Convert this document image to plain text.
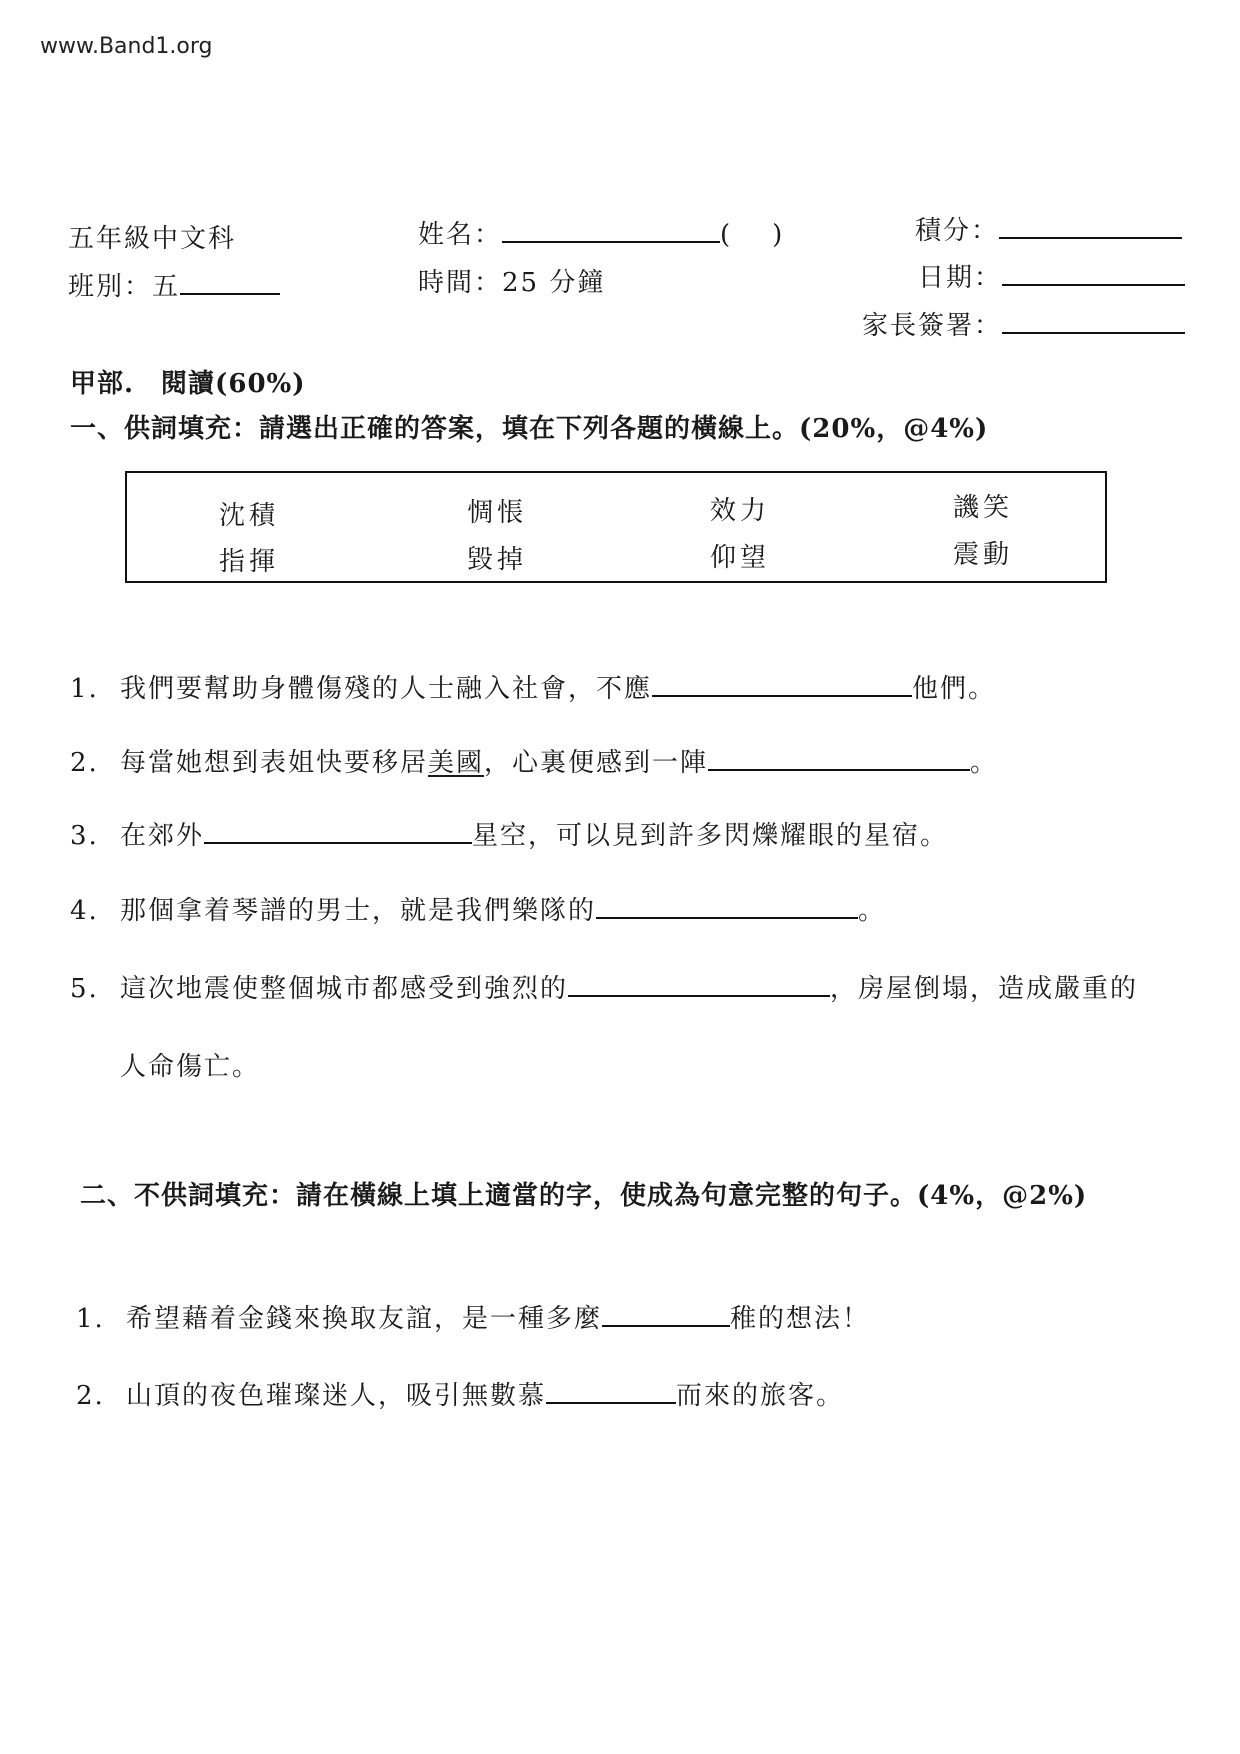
www.Band1.org
五年級中文科	姓名：	( )	積分：
班別：五	時間：25 分鐘	日期：
家長簽署：
甲部.　閱讀(60%)
一、供詞填充：請選出正確的答案，填在下列各題的橫線上。(20%，@4%)
沈積	惆悵	效力	譏笑
指揮	毀掉	仰望	震動
1. 我們要幫助身體傷殘的人士融入社會，不應	他們。
2. 每當她想到表姐快要移居美國，心裏便感到一陣	。
3. 在郊外	星空，可以見到許多閃爍耀眼的星宿。
4. 那個拿着琴譜的男士，就是我們樂隊的	。
5. 這次地震使整個城市都感受到強烈的	，房屋倒塌，造成嚴重的
人命傷亡。
二、不供詞填充：請在橫線上填上適當的字，使成為句意完整的句子。(4%，@2%)
1. 希望藉着金錢來換取友誼，是一種多麼	稚的想法！
2. 山頂的夜色璀璨迷人，吸引無數慕	而來的旅客。
